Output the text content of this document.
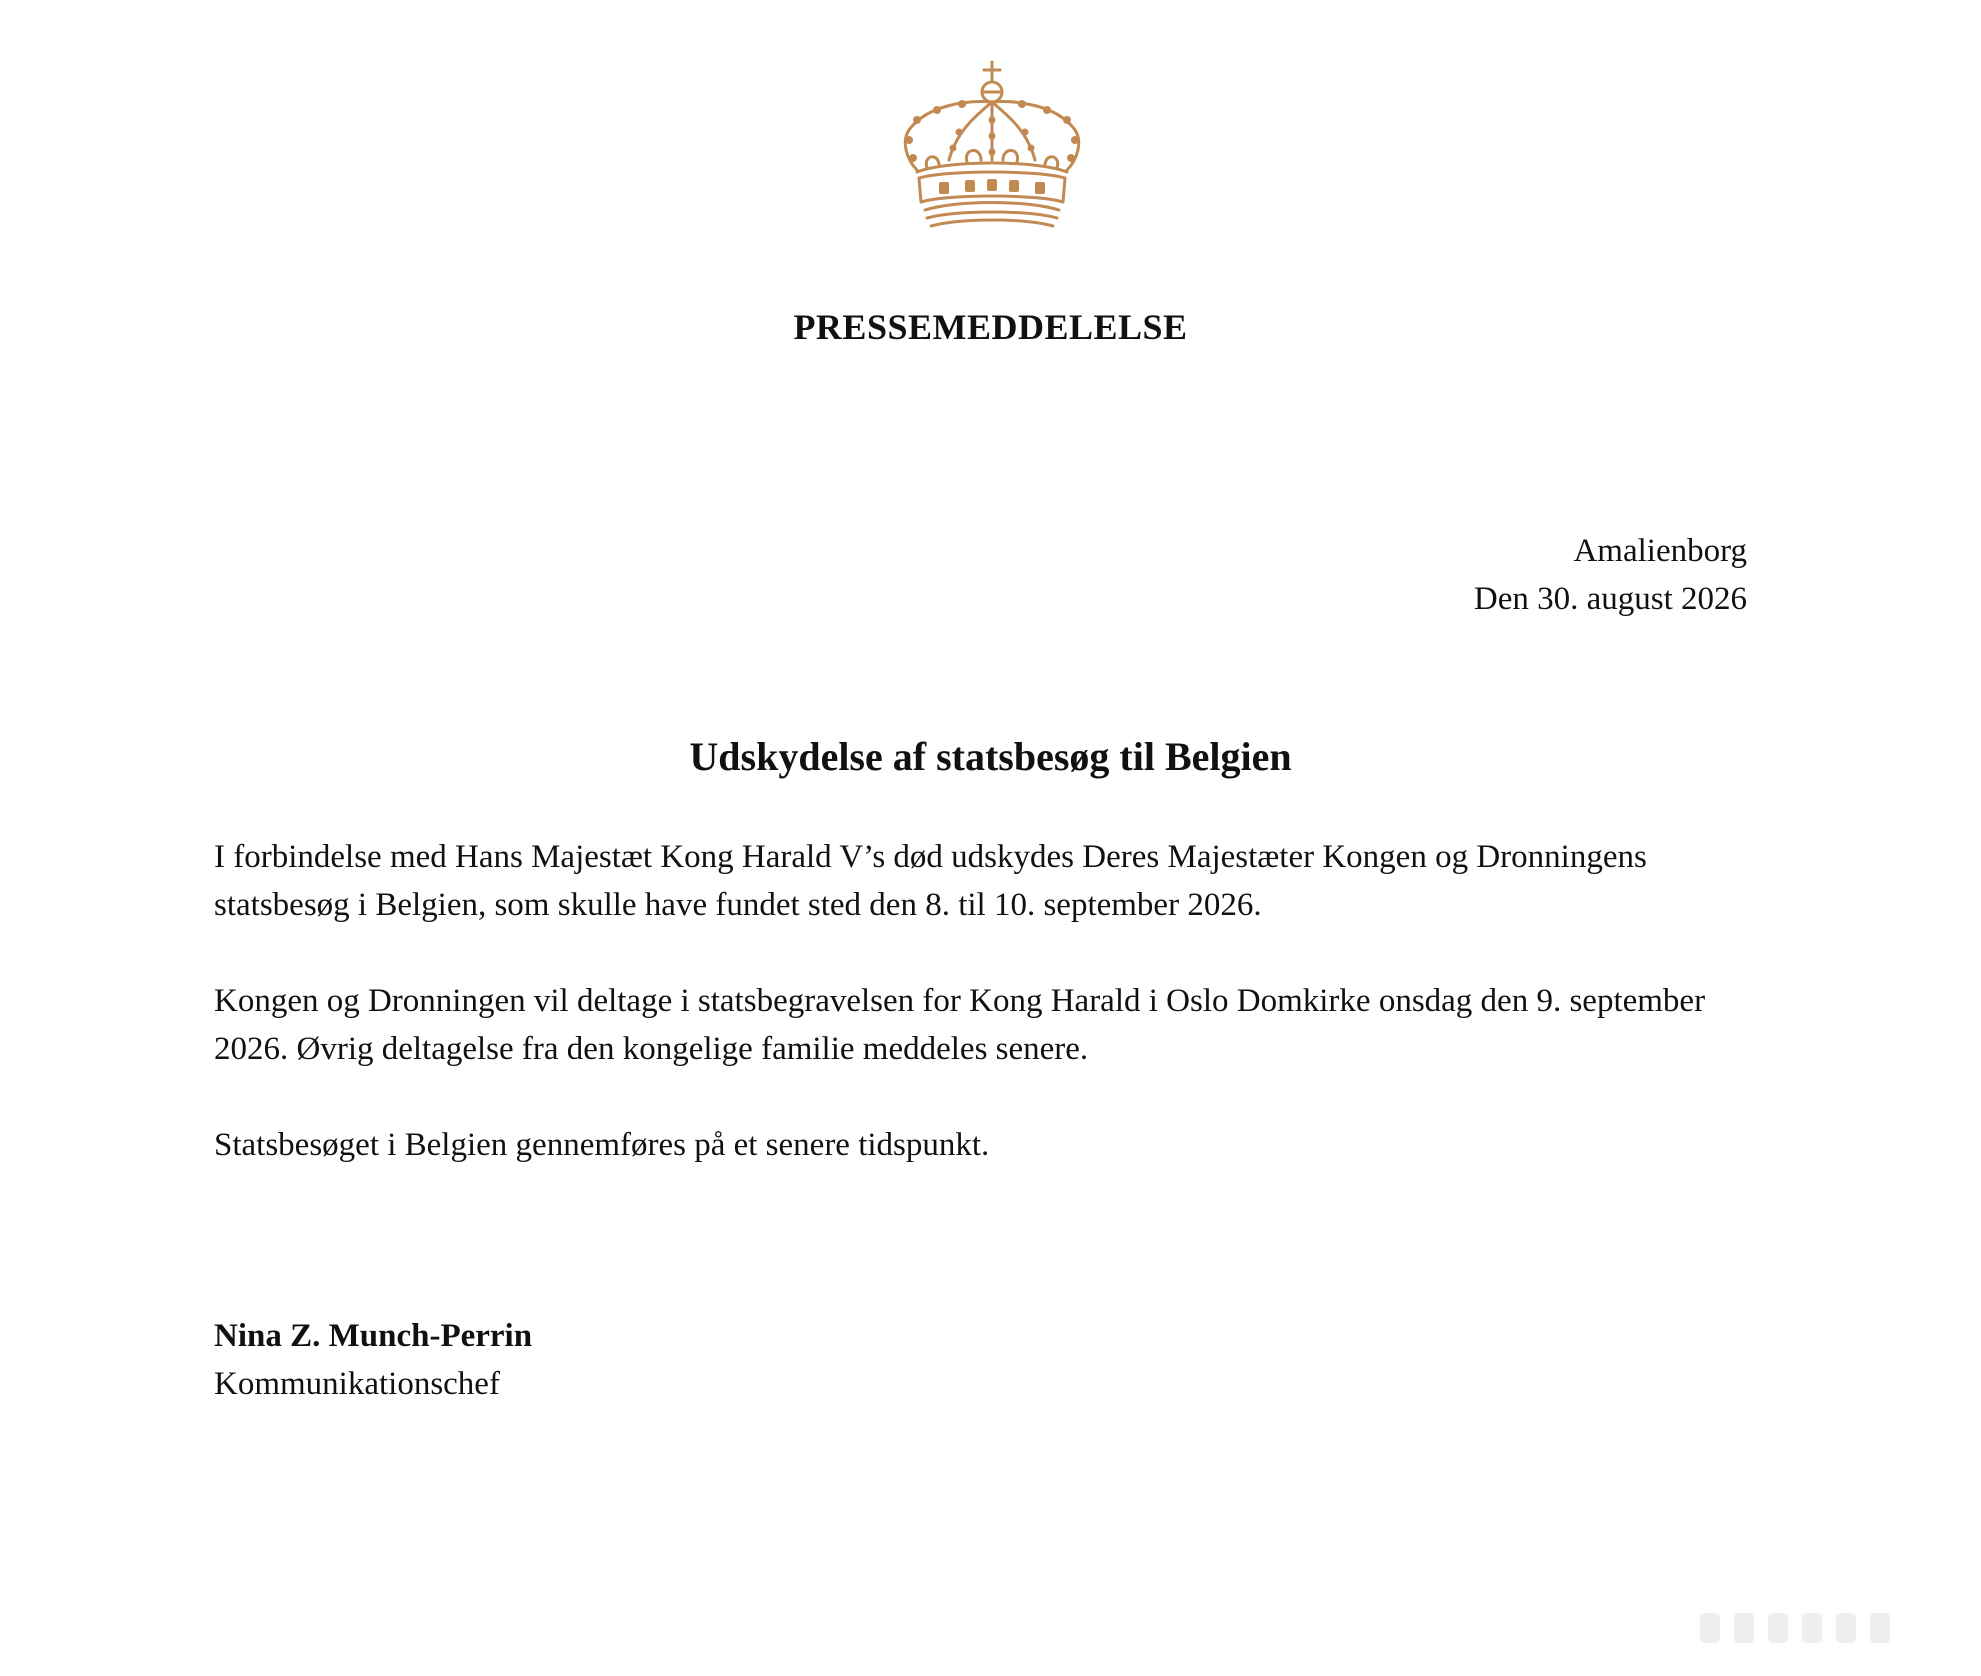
PRESSEMEDDELELSE
Amalienborg
Den 30. august 2026
Udskydelse af statsbesøg til Belgien

I forbindelse med Hans Majestæt Kong Harald V’s død udskydes Deres Majestæter Kongen og Dronningens statsbesøg i Belgien, som skulle have fundet sted den 8. til 10. september 2026.

Kongen og Dronningen vil deltage i statsbegravelsen for Kong Harald i Oslo Domkirke onsdag den 9. september 2026. Øvrig deltagelse fra den kongelige familie meddeles senere.

Statsbesøget i Belgien gennemføres på et senere tidspunkt.

Nina Z. Munch-Perrin
Kommunikationschef
